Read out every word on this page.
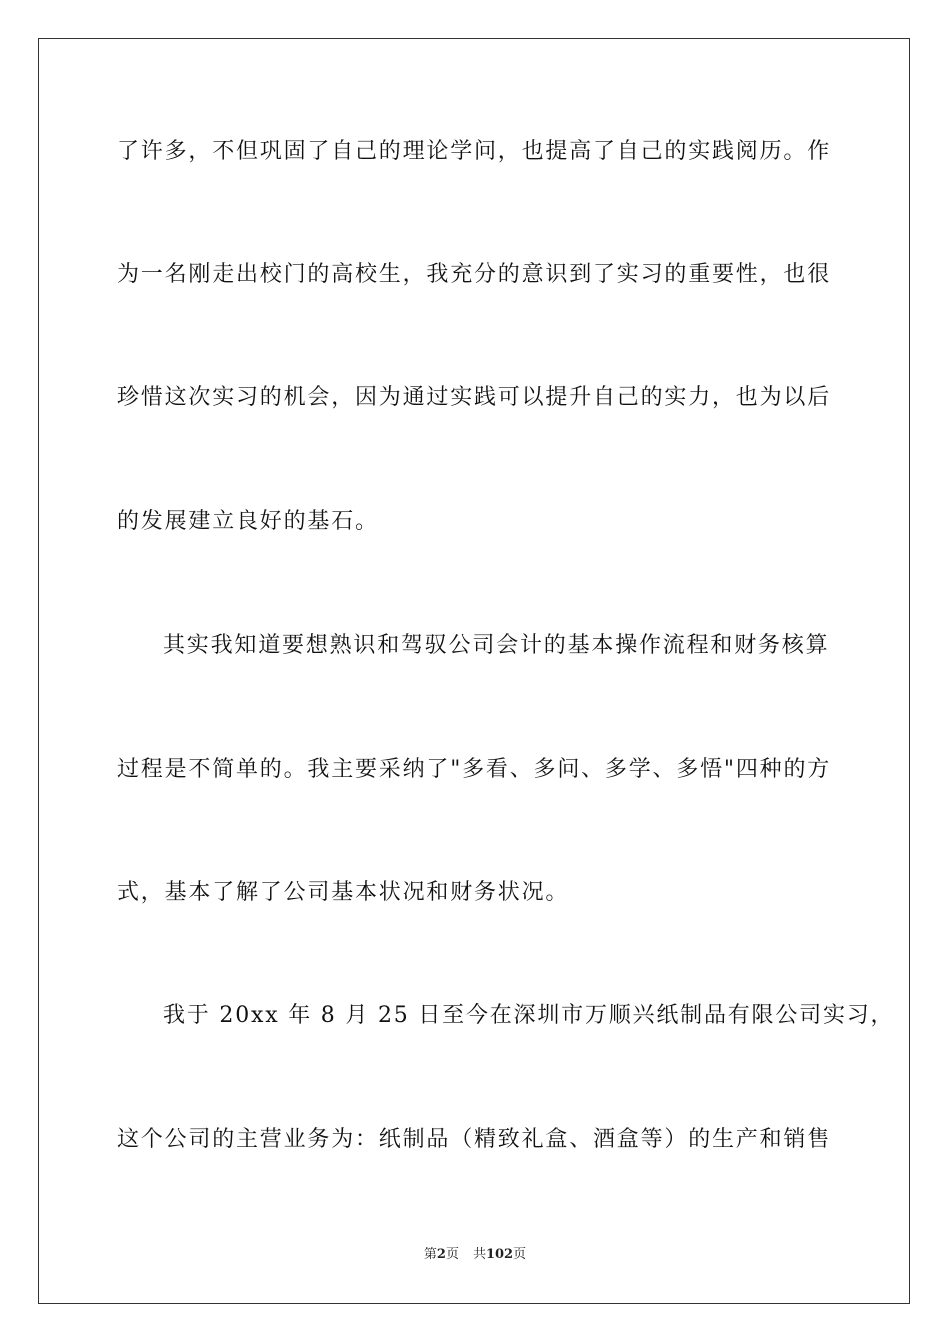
了许多，不但巩固了自己的理论学问，也提高了自己的实践阅历。作
为一名刚走出校门的高校生，我充分的意识到了实习的重要性，也很
珍惜这次实习的机会，因为通过实践可以提升自己的实力，也为以后
的发展建立良好的基石。
其实我知道要想熟识和驾驭公司会计的基本操作流程和财务核算
过程是不简单的。我主要采纳了"多看、多问、多学、多悟"四种的方
式，基本了解了公司基本状况和财务状况。
我于 20xx 年 8 月 25 日至今在深圳市万顺兴纸制品有限公司实习，
这个公司的主营业务为：纸制品（精致礼盒、酒盒等）的生产和销售
第2页 共102页
